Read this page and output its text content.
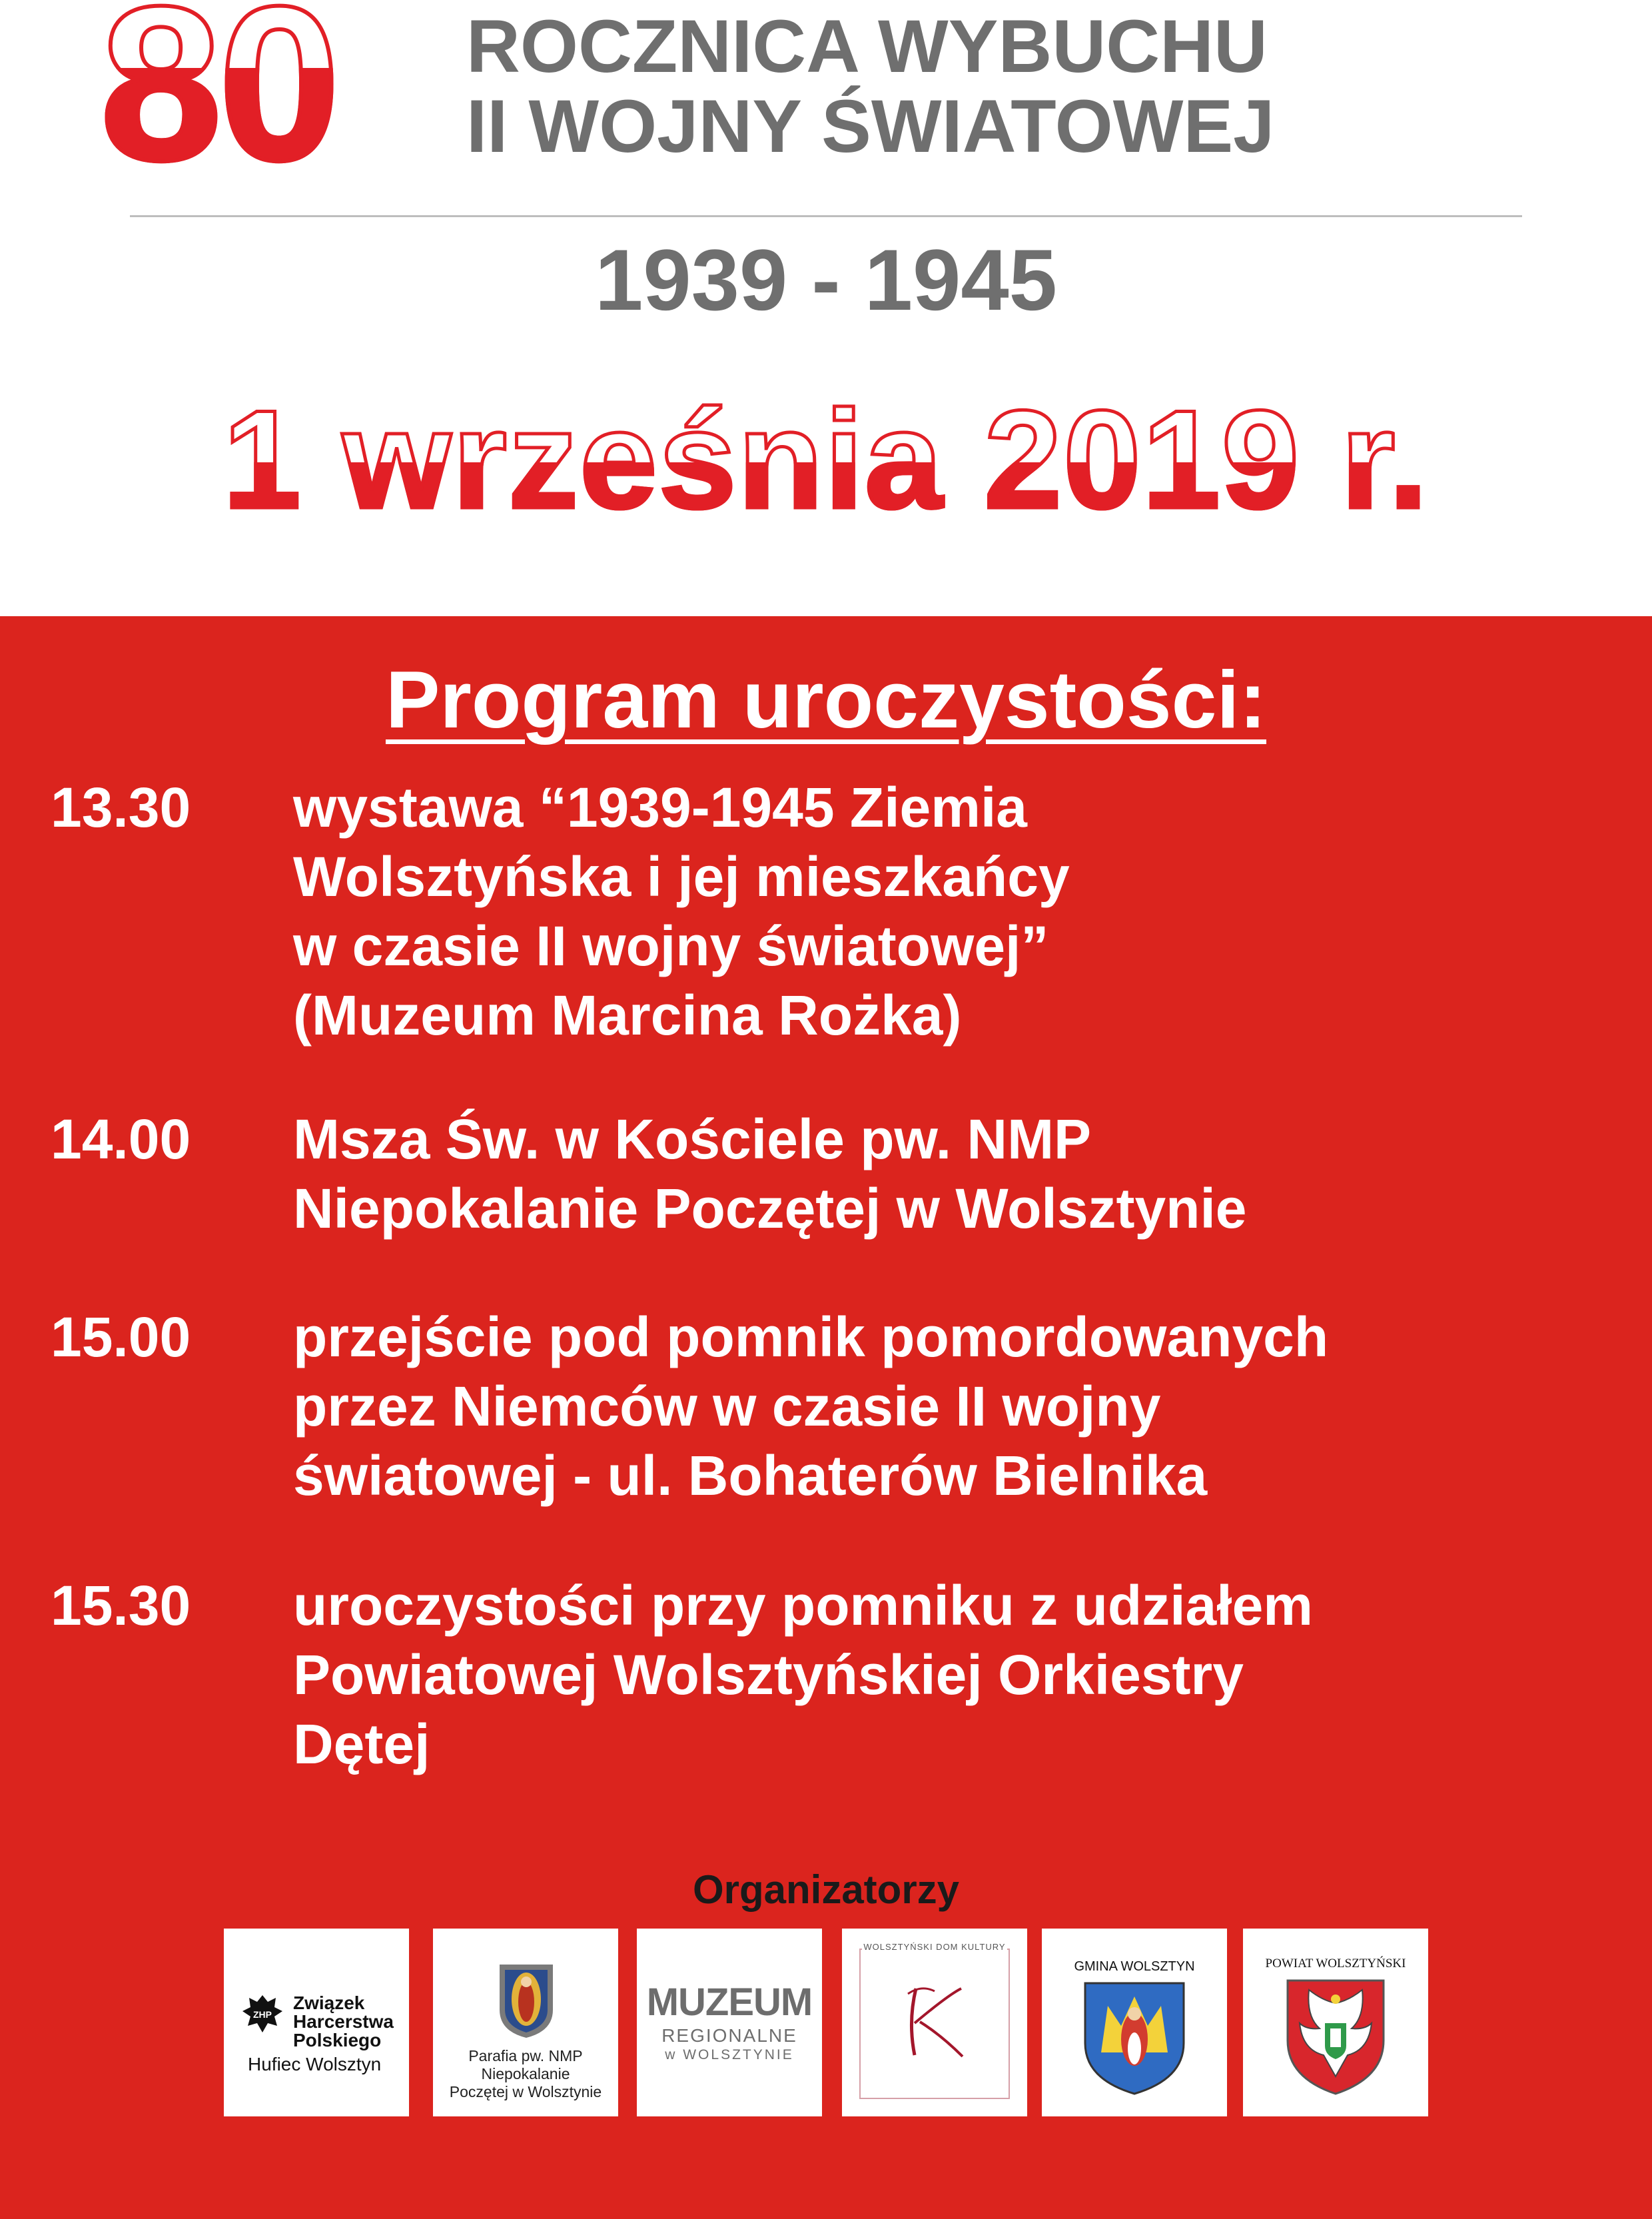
80 ROCZNICA WYBUCHU
II WOJNY ŚWIATOWEJ
1939 - 1945
1 września 2019 r.
Program uroczystości:
13.30 wystawa “1939-1945 Ziemia
Wolsztyńska i jej mieszkańcy
w czasie II wojny światowej”
(Muzeum Marcina Rożka)
14.00 Msza Św. w Kościele pw. NMP
Niepokalanie Poczętej w Wolsztynie
15.00 przejście pod pomnik pomordowanych
przez Niemców w czasie II wojny
światowej - ul. Bohaterów Bielnika
15.30 uroczystości przy pomniku z udziałem
Powiatowej Wolsztyńskiej Orkiestry
Dętej
Organizatorzy
ZHP
Związek
Harcerstwa
Polskiego
Hufiec Wolsztyn	Parafia pw. NMP
Niepokalanie
Poczętej w Wolsztynie
MUZEUM
REGIONALNE
w WOLSZTYNIE
WOLSZTYŃSKI DOM KULTURY
GMINA WOLSZTYN	POWIAT WOLSZTYŃSKI
